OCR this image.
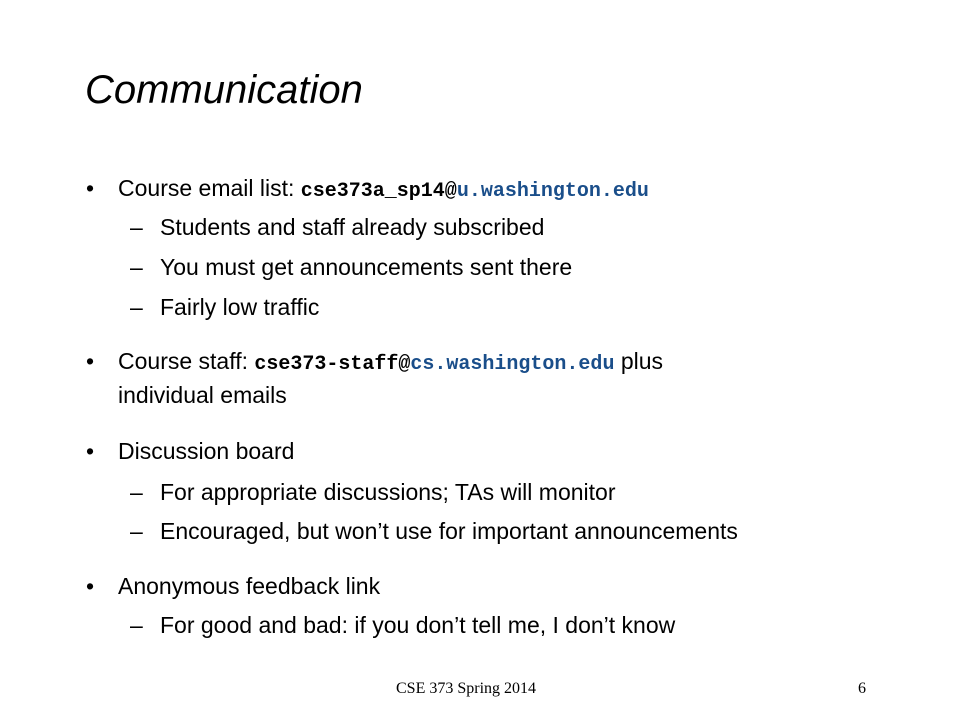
Communication
• Course email list: cse373a_sp14@u.washington.edu
– Students and staff already subscribed
– You must get announcements sent there
– Fairly low traffic
• Course staff: cse373-staff@cs.washington.edu plus
individual emails
• Discussion board
– For appropriate discussions; TAs will monitor
– Encouraged, but won’t use for important announcements
• Anonymous feedback link
– For good and bad: if you don’t tell me, I don’t know
CSE 373 Spring 2014	6
